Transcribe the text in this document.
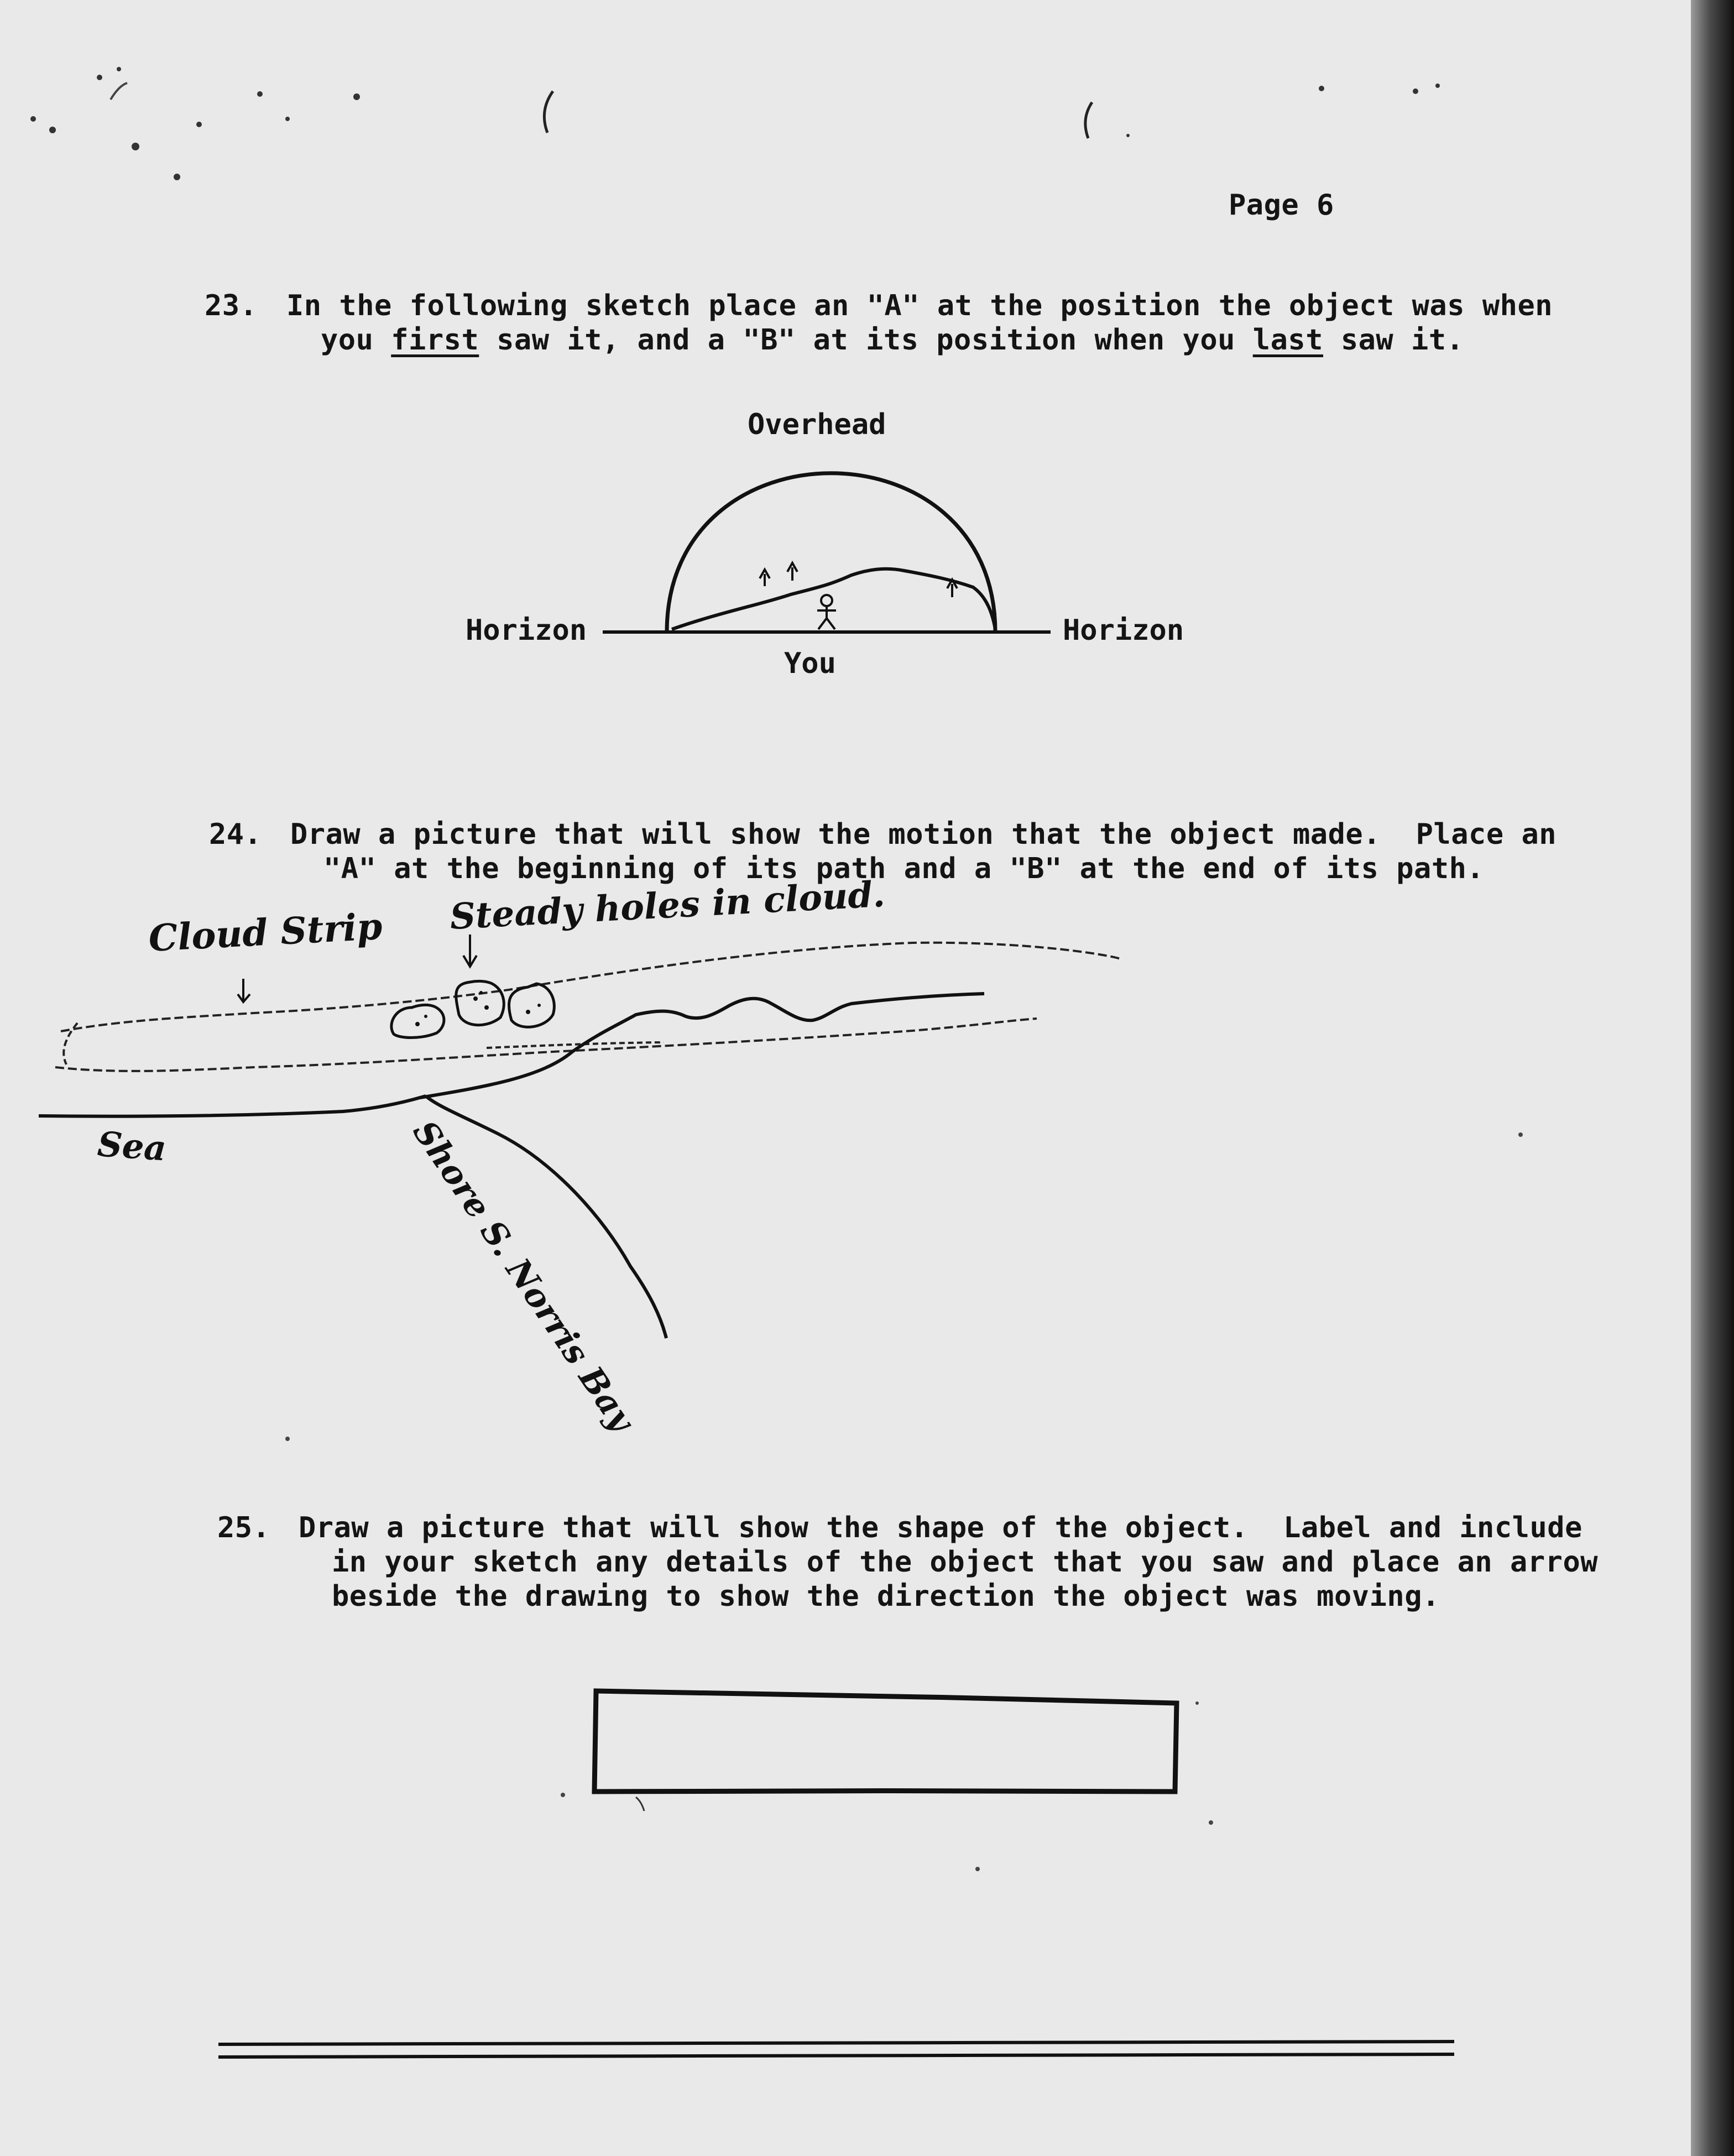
Page 6
23. In the following sketch place an "A" at the position the object was when
you first saw it, and a "B" at its position when you last saw it.
Overhead
Horizon	Horizon
You
24. Draw a picture that will show the motion that the object made.  Place an
"A" at the beginning of its path and a "B" at the end of its path.
Cloud Strip Steady holes in cloud.
Sea	Shore S. Norris Bay
25. Draw a picture that will show the shape of the object.  Label and include
in your sketch any details of the object that you saw and place an arrow
beside the drawing to show the direction the object was moving.
